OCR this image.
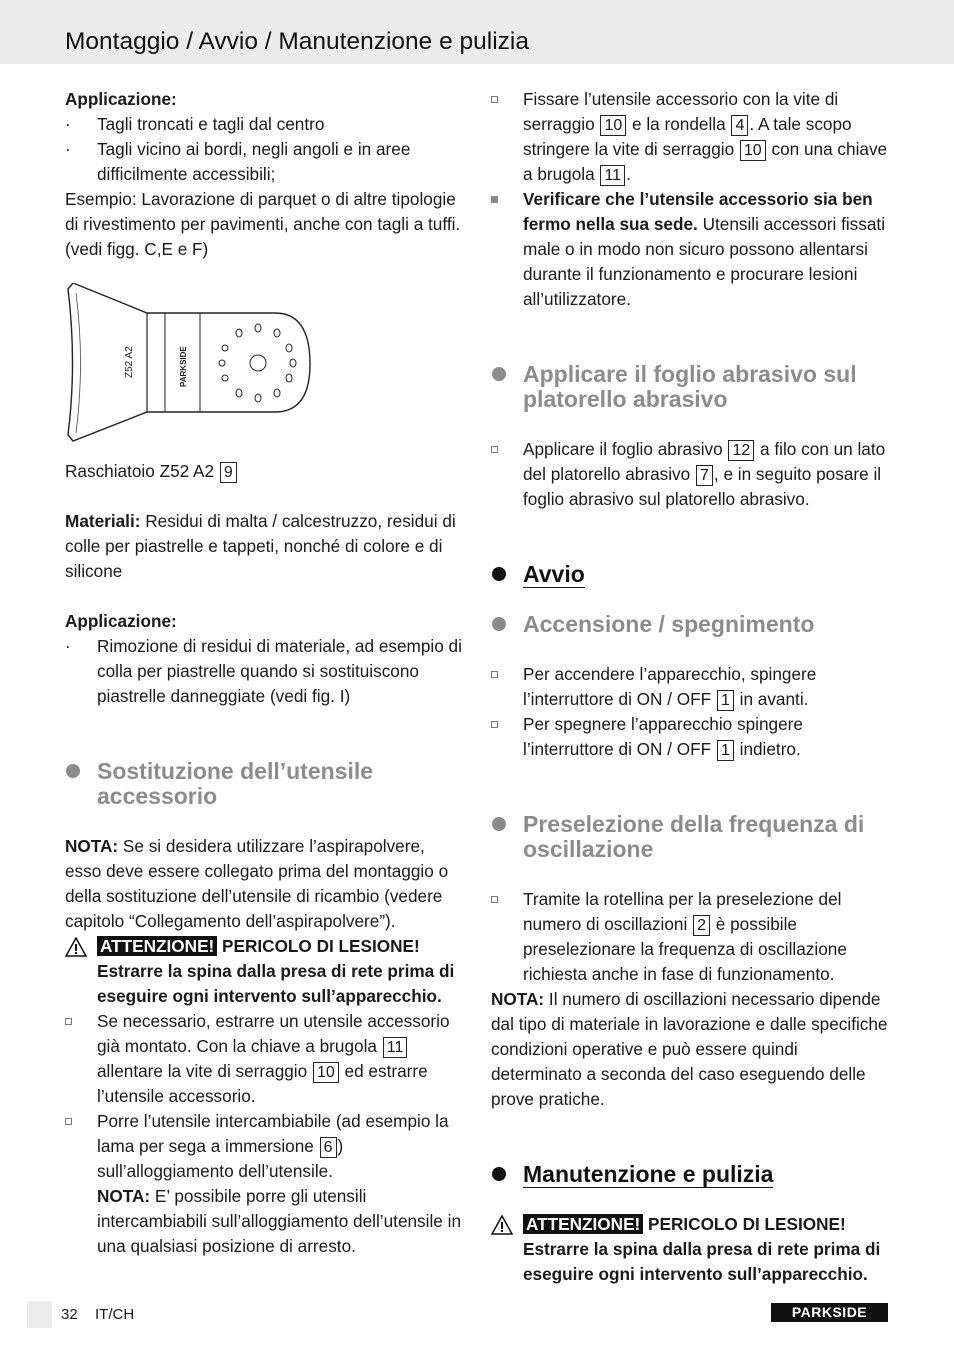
Montaggio / Avvio / Manutenzione e pulizia

Applicazione:

· Tagli troncati e tagli dal centro
· Tagli vicino ai bordi, negli angoli e in aree difficilmente accessibili;

Esempio: Lavorazione di parquet o di altre tipologie di rivestimento per pavimenti, anche con tagli a tuffi. (vedi figg. C,E e F)

Z52 A2	PARKSIDE

Raschiatoio Z52 A2 9

Materiali: Residui di malta / calcestruzzo, residui di colle per piastrelle e tappeti, nonché di colore e di silicone

Applicazione:

· Rimozione di residui di materiale, ad esempio di colla per piastrelle quando si sostituiscono piastrelle danneggiate (vedi fig. I)
Sostituzione dell’utensile accessorio

NOTA: Se si desidera utilizzare l’aspirapolvere, esso deve essere collegato prima del montaggio o della sostituzione dell’utensile di ricambio (vedere capitolo “Collegamento dell’aspirapolvere”).

ATTENZIONE! PERICOLO DI LESIONE!
Estrarre la spina dalla presa di rete prima di eseguire ogni intervento sull’apparecchio.
Se necessario, estrarre un utensile accessorio già montato. Con la chiave a brugola 11 allentare la vite di serraggio 10 ed estrarre l’utensile accessorio.
Porre l’utensile intercambiabile (ad esempio la lama per sega a immersione 6 ) sull’alloggiamento dell’utensile.
NOTA: E’ possibile porre gli utensili intercambiabili sull’alloggiamento dell’utensile in una qualsiasi posizione di arresto.
Fissare l’utensile accessorio con la vite di serraggio 10 e la rondella 4 . A tale scopo stringere la vite di serraggio 10 con una chiave a brugola 11 .
Verificare che l’utensile accessorio sia ben fermo nella sua sede. Utensili accessori fissati male o in modo non sicuro possono allentarsi durante il funzionamento e procurare lesioni all’utilizzatore.
Applicare il foglio abrasivo sul platorello abrasivo
Applicare il foglio abrasivo 12 a filo con un lato del platorello abrasivo 7 , e in seguito posare il foglio abrasivo sul platorello abrasivo.
Avvio
Accensione / spegnimento
Per accendere l’apparecchio, spingere l’interruttore di ON / OFF 1 in avanti.
Per spegnere l’apparecchio spingere l’interruttore di ON / OFF 1 indietro.
Preselezione della frequenza di oscillazione
Tramite la rotellina per la preselezione del numero di oscillazioni 2 è possibile preselezionare la frequenza di oscillazione richiesta anche in fase di funzionamento.

NOTA: Il numero di oscillazioni necessario dipende dal tipo di materiale in lavorazione e dalle specifiche condizioni operative e può essere quindi determinato a seconda del caso eseguendo delle prove pratiche.

Manutenzione e pulizia
ATTENZIONE! PERICOLO DI LESIONE!
Estrarre la spina dalla presa di rete prima di eseguire ogni intervento sull’apparecchio.
32 IT/CH	PARKSIDE
